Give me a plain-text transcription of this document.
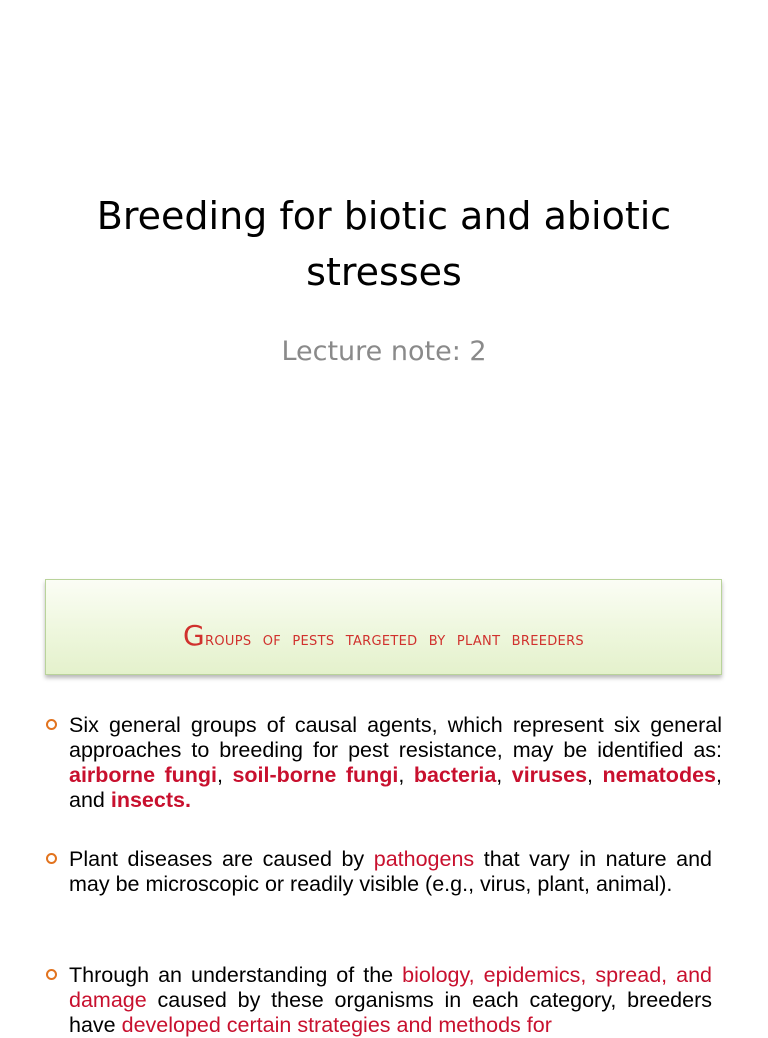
Breeding for biotic and abiotic
stresses
Lecture note: 2
Groups of pests targeted by plant breeders
Six general groups of causal agents, which represent six general approaches to breeding for pest resistance, may be identified as: airborne fungi, soil-borne fungi, bacteria, viruses, nematodes, and insects.
Plant diseases are caused by pathogens that vary in nature and may be microscopic or readily visible (e.g., virus, plant, animal).
Through an understanding of the biology, epidemics, spread, and damage caused by these organisms in each category, breeders have developed certain strategies and methods for
